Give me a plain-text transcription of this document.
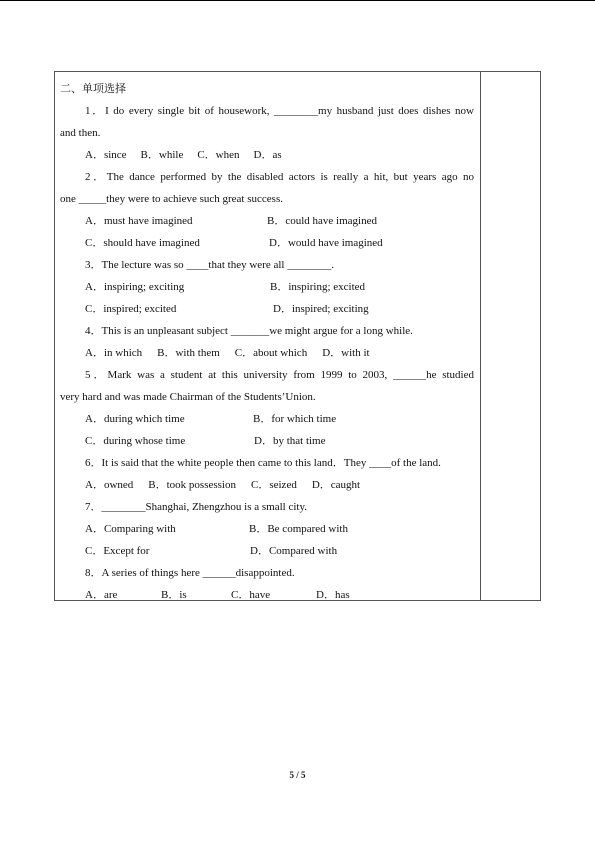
二、单项选择
1．I do every single bit of housework, ________my husband just does dishes now
and then.
A．since B．while C．when D．as
2．The dance performed by the disabled actors is really a hit, but years ago no
one _____they were to achieve such great success.
A．must have imagined	B．could have imagined
C．should have imagined	D．would have imagined
3．The lecture was so ____that they were all ________.
A．inspiring; exciting	B．inspiring; excited
C．inspired; excited	D．inspired; exciting
4．This is an unpleasant subject _______we might argue for a long while.
A．in which B．with them C．about which D．with it
5．Mark was a student at this university from 1999 to 2003, ______he studied
very hard and was made Chairman of the Students’Union.
A．during which time	B．for which time
C．during whose time	D．by that time
6．It is said that the white people then came to this land．They ____of the land.
A．owned B．took possession C．seized D．caught
7．________Shanghai, Zhengzhou is a small city.
A．Comparing with	B．Be compared with
C．Except for	D．Compared with
8．A series of things here ______disappointed.
A．are	B．is	C．have	D．has
5 / 5
